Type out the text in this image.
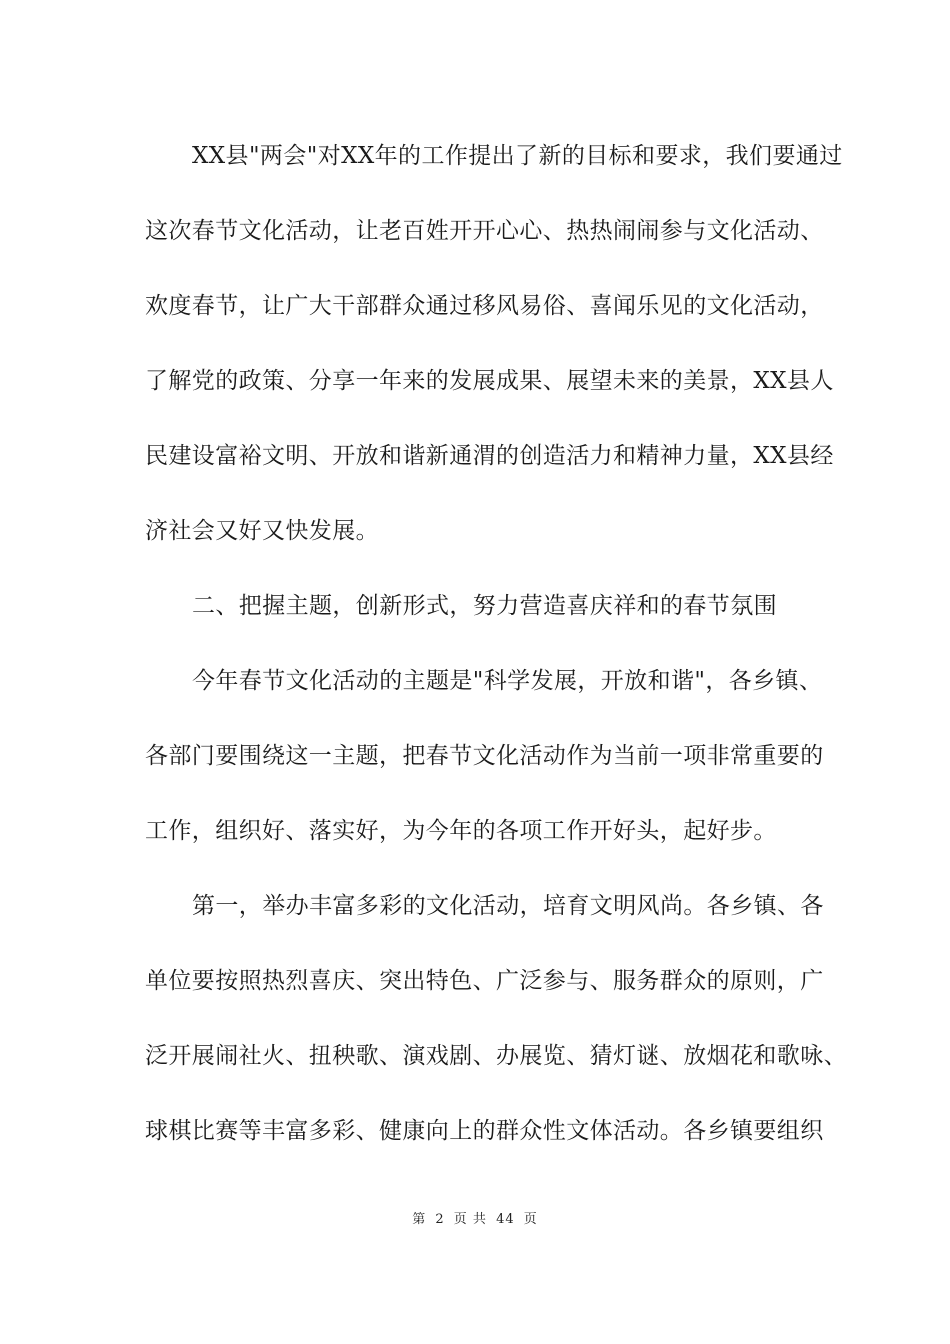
XX县"两会"对XX年的工作提出了新的目标和要求，我们要通过
这次春节文化活动，让老百姓开开心心、热热闹闹参与文化活动、
欢度春节，让广大干部群众通过移风易俗、喜闻乐见的文化活动，
了解党的政策、分享一年来的发展成果、展望未来的美景，XX县人
民建设富裕文明、开放和谐新通渭的创造活力和精神力量，XX县经
济社会又好又快发展。
二、把握主题，创新形式，努力营造喜庆祥和的春节氛围
今年春节文化活动的主题是"科学发展，开放和谐"，各乡镇、
各部门要围绕这一主题，把春节文化活动作为当前一项非常重要的
工作，组织好、落实好，为今年的各项工作开好头，起好步。
第一，举办丰富多彩的文化活动，培育文明风尚。各乡镇、各
单位要按照热烈喜庆、突出特色、广泛参与、服务群众的原则，广
泛开展闹社火、扭秧歌、演戏剧、办展览、猜灯谜、放烟花和歌咏、
球棋比赛等丰富多彩、健康向上的群众性文体活动。各乡镇要组织
第 2 页 共 44 页
